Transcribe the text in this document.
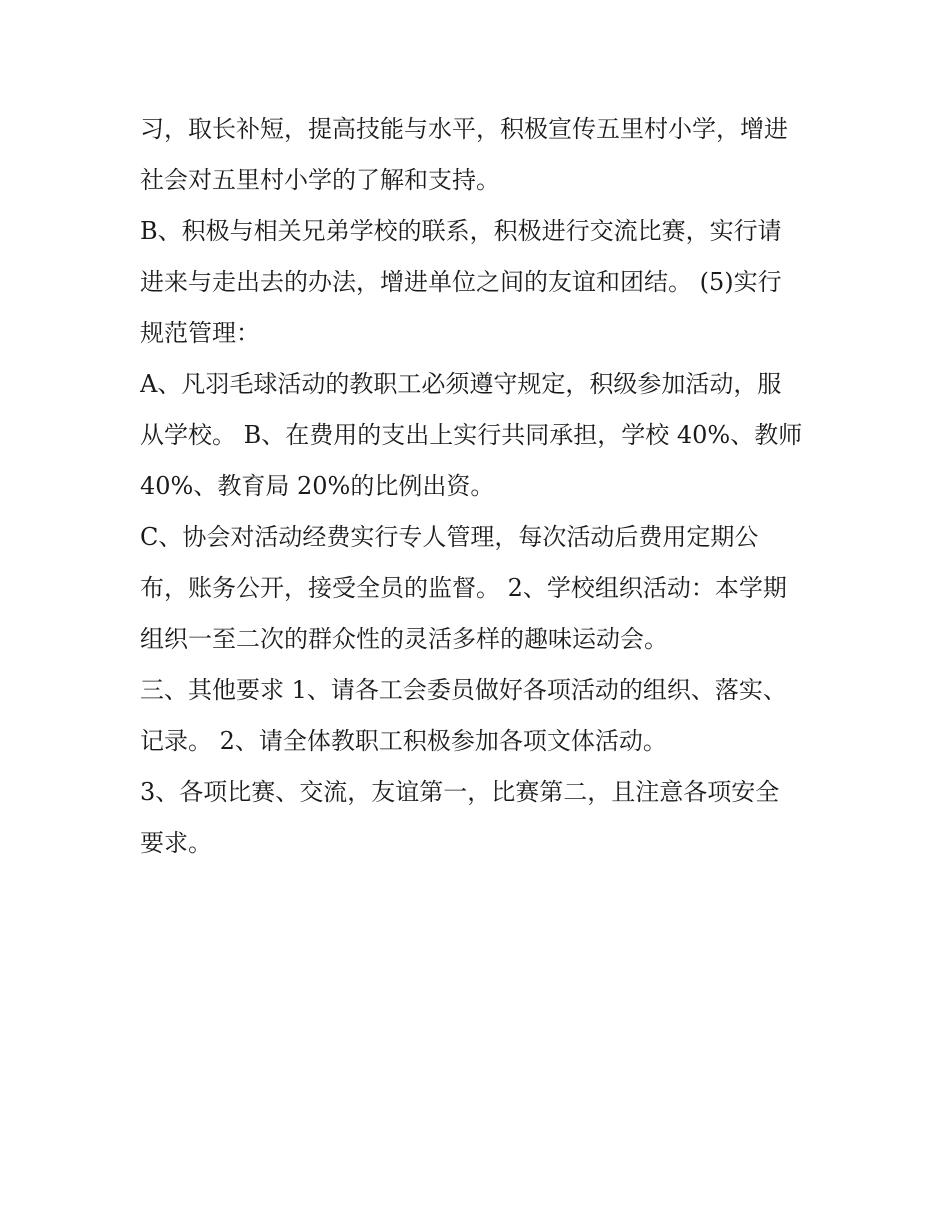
习，取长补短，提高技能与水平，积极宣传五里村小学，增进
社会对五里村小学的了解和支持。
B、积极与相关兄弟学校的联系，积极进行交流比赛，实行请
进来与走出去的办法，增进单位之间的友谊和团结。 (5)实行
规范管理：
A、凡羽毛球活动的教职工必须遵守规定，积级参加活动，服
从学校。 B、在费用的支出上实行共同承担，学校 40%、教师
40%、教育局 20%的比例出资。
C、协会对活动经费实行专人管理，每次活动后费用定期公
布，账务公开，接受全员的监督。 2、学校组织活动：本学期
组织一至二次的群众性的灵活多样的趣味运动会。
三、其他要求 1、请各工会委员做好各项活动的组织、落实、
记录。 2、请全体教职工积极参加各项文体活动。
3、各项比赛、交流，友谊第一，比赛第二，且注意各项安全
要求。
